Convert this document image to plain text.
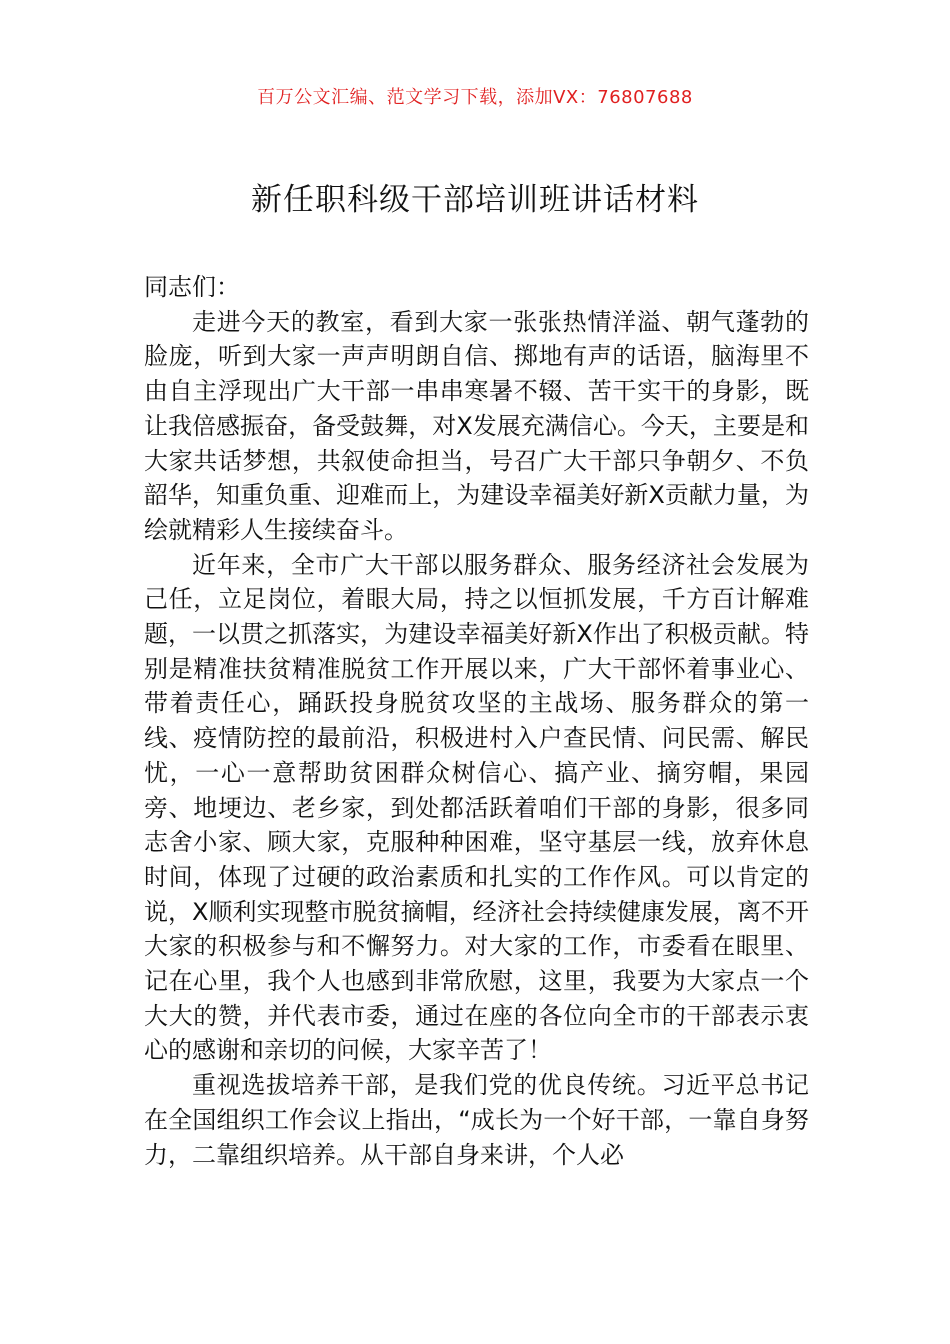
百万公文汇编、范文学习下载，添加VX：76807688
新任职科级干部培训班讲话材料

同志们：

走进今天的教室，看到大家一张张热情洋溢、朝气蓬勃的脸庞，听到大家一声声明朗自信、掷地有声的话语，脑海里不由自主浮现出广大干部一串串寒暑不辍、苦干实干的身影，既让我倍感振奋，备受鼓舞，对X发展充满信心。今天，主要是和大家共话梦想，共叙使命担当，号召广大干部只争朝夕、不负韶华，知重负重、迎难而上，为建设幸福美好新X贡献力量，为绘就精彩人生接续奋斗。

近年来，全市广大干部以服务群众、服务经济社会发展为己任，立足岗位，着眼大局，持之以恒抓发展，千方百计解难题，一以贯之抓落实，为建设幸福美好新X作出了积极贡献。特别是精准扶贫精准脱贫工作开展以来，广大干部怀着事业心、带着责任心，踊跃投身脱贫攻坚的主战场、服务群众的第一线、疫情防控的最前沿，积极进村入户查民情、问民需、解民忧，一心一意帮助贫困群众树信心、搞产业、摘穷帽，果园旁、地埂边、老乡家，到处都活跃着咱们干部的身影，很多同志舍小家、顾大家，克服种种困难，坚守基层一线，放弃休息时间，体现了过硬的政治素质和扎实的工作作风。可以肯定的说，X顺利实现整市脱贫摘帽，经济社会持续健康发展，离不开大家的积极参与和不懈努力。对大家的工作，市委看在眼里、记在心里，我个人也感到非常欣慰，这里，我要为大家点一个大大的赞，并代表市委，通过在座的各位向全市的干部表示衷心的感谢和亲切的问候，大家辛苦了！

重视选拔培养干部，是我们党的优良传统。习近平总书记在全国组织工作会议上指出，“成长为一个好干部，一靠自身努力，二靠组织培养。从干部自身来讲，个人必
